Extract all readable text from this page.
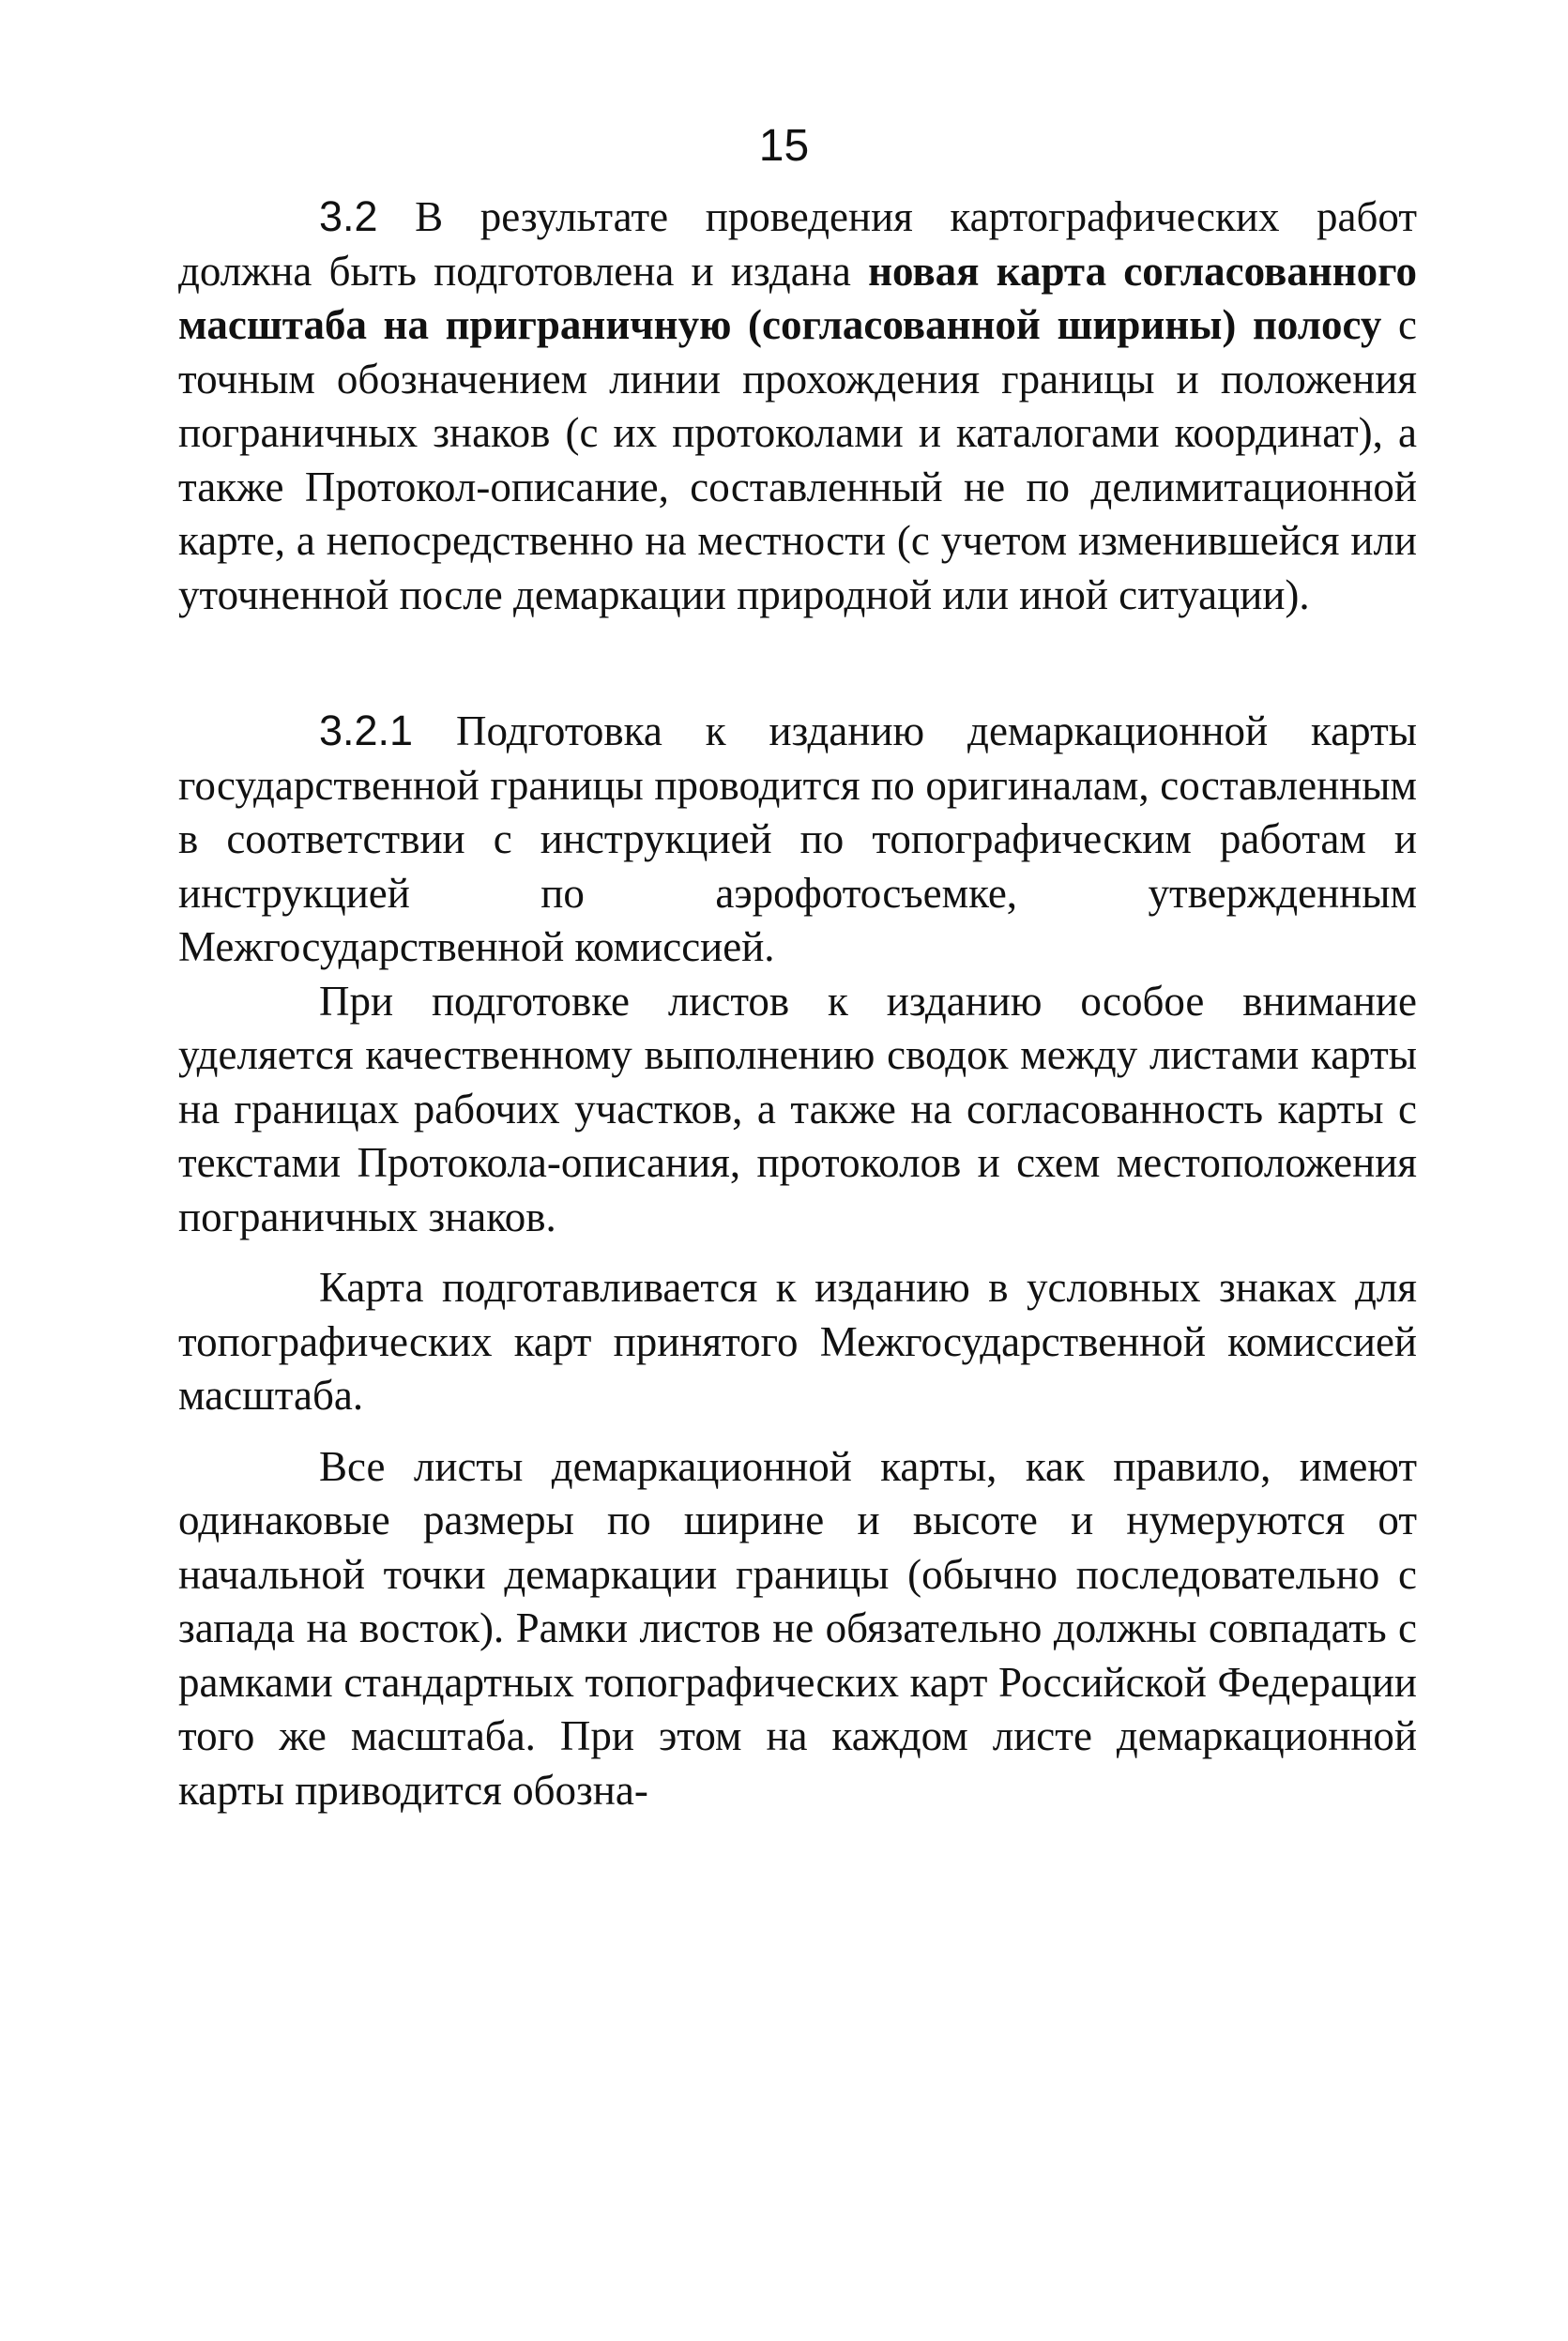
15

3.2 В результате проведения картографических работ должна быть подготовлена и издана новая карта согласованного масштаба на приграничную (согласованной ширины) полосу с точным обозначением линии прохождения границы и положения пограничных знаков (с их протоколами и каталогами координат), а также Протокол-описание, составленный не по делимитационной карте, а непосредственно на местности (с учетом изменившейся или уточненной после демаркации природной или иной ситуации).

3.2.1 Подготовка к изданию демаркационной карты государственной границы проводится по оригиналам, составленным в соответствии с инструкцией по топографическим работам и инструкцией по аэрофотосъемке, утвержденным Межгосударственной комиссией.

При подготовке листов к изданию особое внимание уделяется качественному выполнению сводок между листами карты на границах рабочих участков, а также на согласованность карты с текстами Протокола-описания, протоколов и схем местоположения пограничных знаков.

Карта подготавливается к изданию в условных знаках для топографических карт принятого Межгосударственной комиссией масштаба.

Все листы демаркационной карты, как правило, имеют одинаковые размеры по ширине и высоте и нумеруются от начальной точки демаркации границы (обычно последовательно с запада на восток). Рамки листов не обязательно должны совпадать с рамками стандартных топографических карт Российской Федерации того же масштаба. При этом на каждом листе демаркационной карты приводится обозна-
